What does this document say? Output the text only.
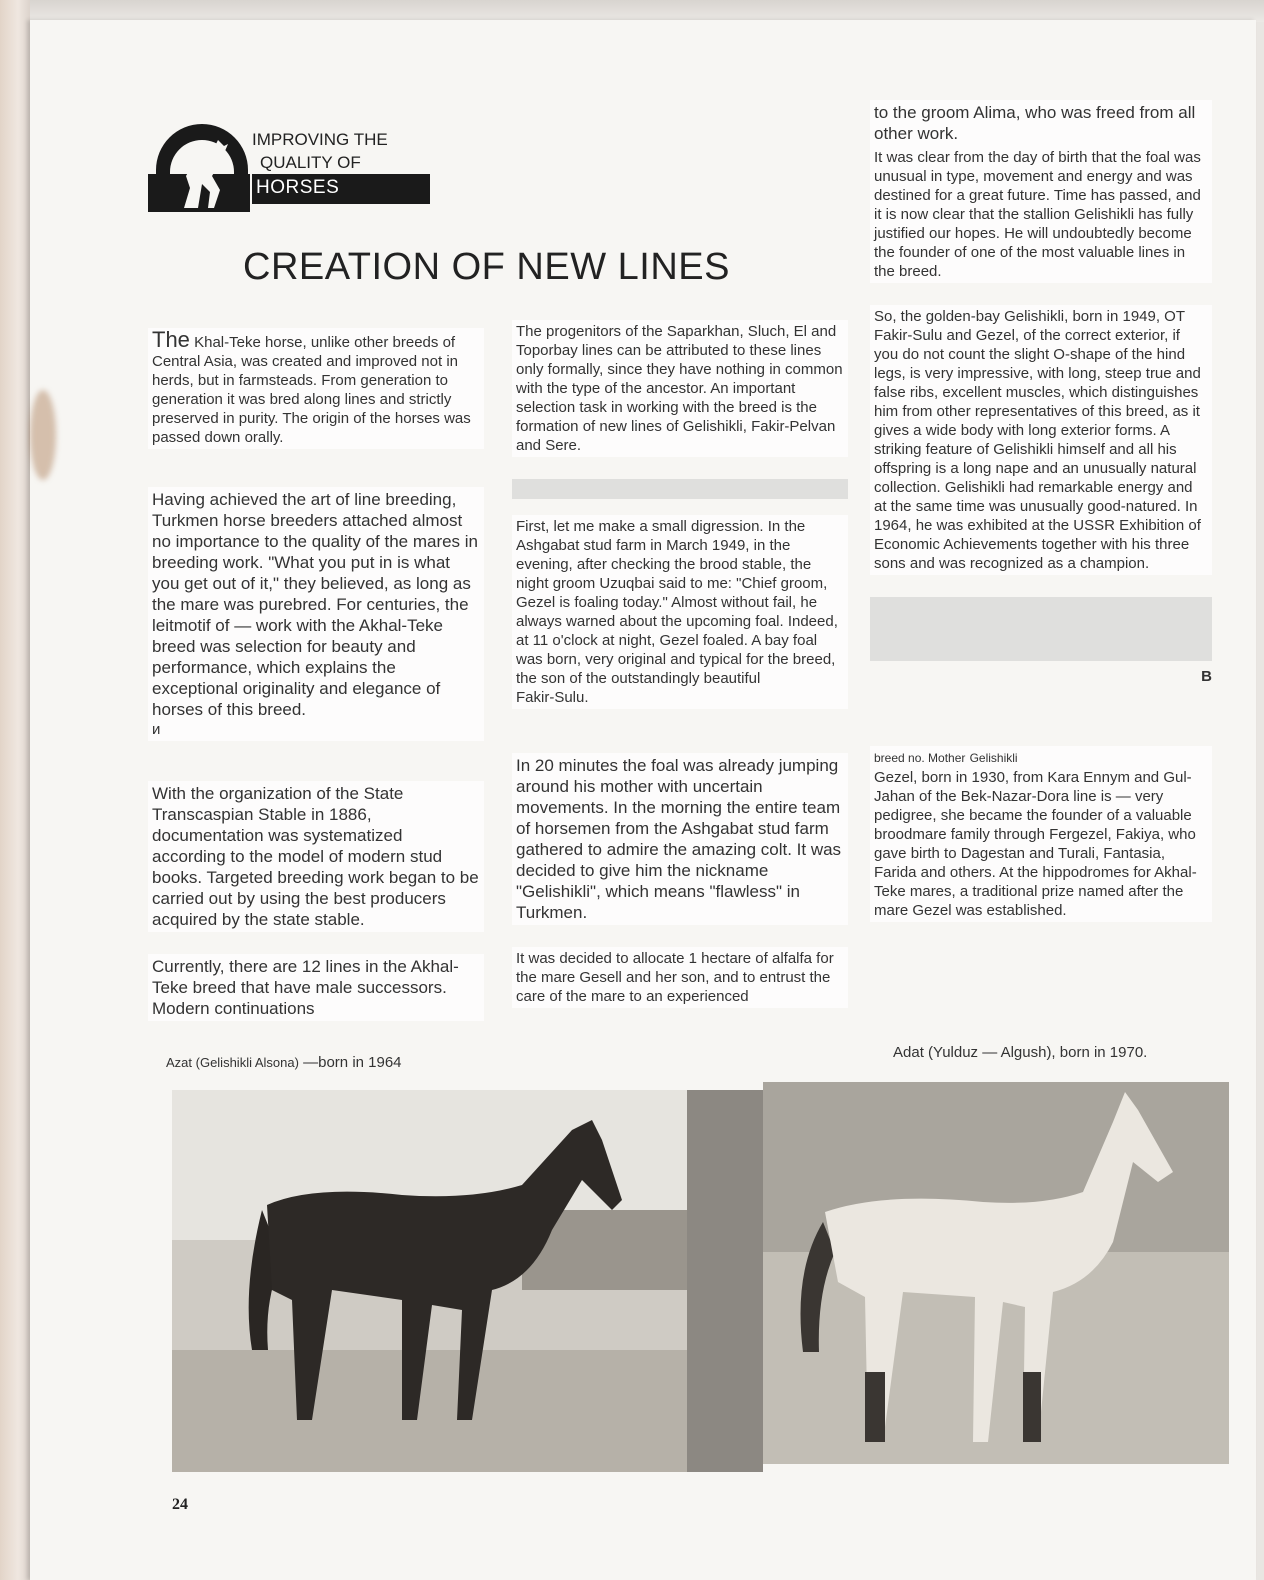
IMPROVING THE
QUALITY OF
HORSES
CREATION OF NEW LINES
The Khal-Teke horse, unlike other breeds of Central Asia, was created and improved not in herds, but in farmsteads. From generation to generation it was bred along lines and strictly preserved in purity. The origin of the horses was passed down orally.

Having achieved the art of line breeding, Turkmen horse breeders attached almost no importance to the quality of the mares in breeding work. "What you put in is what you get out of it," they believed, as long as the mare was purebred. For centuries, the leitmotif of — work with the Akhal-Teke breed was selection for beauty and performance, which explains the exceptional originality and elegance of horses of this breed.

и

With the organization of the State Transcaspian Stable in 1886, documentation was systematized according to the model of modern stud books. Targeted breeding work began to be carried out by using the best producers acquired by the state stable.

Currently, there are 12 lines in the Akhal-Teke breed that have male successors. Modern continuations

The progenitors of the Saparkhan, Sluch, El and Toporbay lines can be attributed to these lines only formally, since they have nothing in common with the type of the ancestor. An important selection task in working with the breed is the formation of new lines of Gelishikli, Fakir-Pelvan and Sere.

First, let me make a small digression. In the Ashgabat stud farm in March 1949, in the evening, after checking the brood stable, the night groom Uzuqbai said to me: "Chief groom, Gezel is foaling today." Almost without fail, he always warned about the upcoming foal. Indeed, at 11 o'clock at night, Gezel foaled. A bay foal was born, very original and typical for the breed, the son of the outstandingly beautiful

Fakir-Sulu.

In 20 minutes the foal was already jumping around his mother with uncertain movements. In the morning the entire team of horsemen from the Ashgabat stud farm gathered to admire the amazing colt. It was decided to give him the nickname "Gelishikli", which means "flawless" in Turkmen.

It was decided to allocate 1 hectare of alfalfa for the mare Gesell and her son, and to entrust the care of the mare to an experienced

to the groom Alima, who was freed from all other work.

It was clear from the day of birth that the foal was unusual in type, movement and energy and was destined for a great future. Time has passed, and it is now clear that the stallion Gelishikli has fully justified our hopes. He will undoubtedly become the founder of one of the most valuable lines in the breed.

So, the golden-bay Gelishikli, born in 1949, OT Fakir-Sulu and Gezel, of the correct exterior, if you do not count the slight O-shape of the hind legs, is very impressive, with long, steep true and false ribs, excellent muscles, which distinguishes him from other representatives of this breed, as it gives a wide body with long exterior forms. A striking feature of Gelishikli himself and all his offspring is a long nape and an unusually natural collection. Gelishikli had remarkable energy and at the same time was unusually good-natured. In 1964, he was exhibited at the USSR Exhibition of Economic Achievements together with his three sons and was recognized as a champion.

B

breed no. Mother Gelishikli

Gezel, born in 1930, from Kara Ennym and Gul-Jahan of the Bek-Nazar-Dora line is — very pedigree, she became the founder of a valuable broodmare family through Fergezel, Fakiya, who gave birth to Dagestan and Turali, Fantasia, Farida and others. At the hippodromes for Akhal-Teke mares, a traditional prize named after the mare Gezel was established.

Azat (Gelishikli Alsona) —born in 1964
Adat (Yulduz — Algush), born in 1970.
24
